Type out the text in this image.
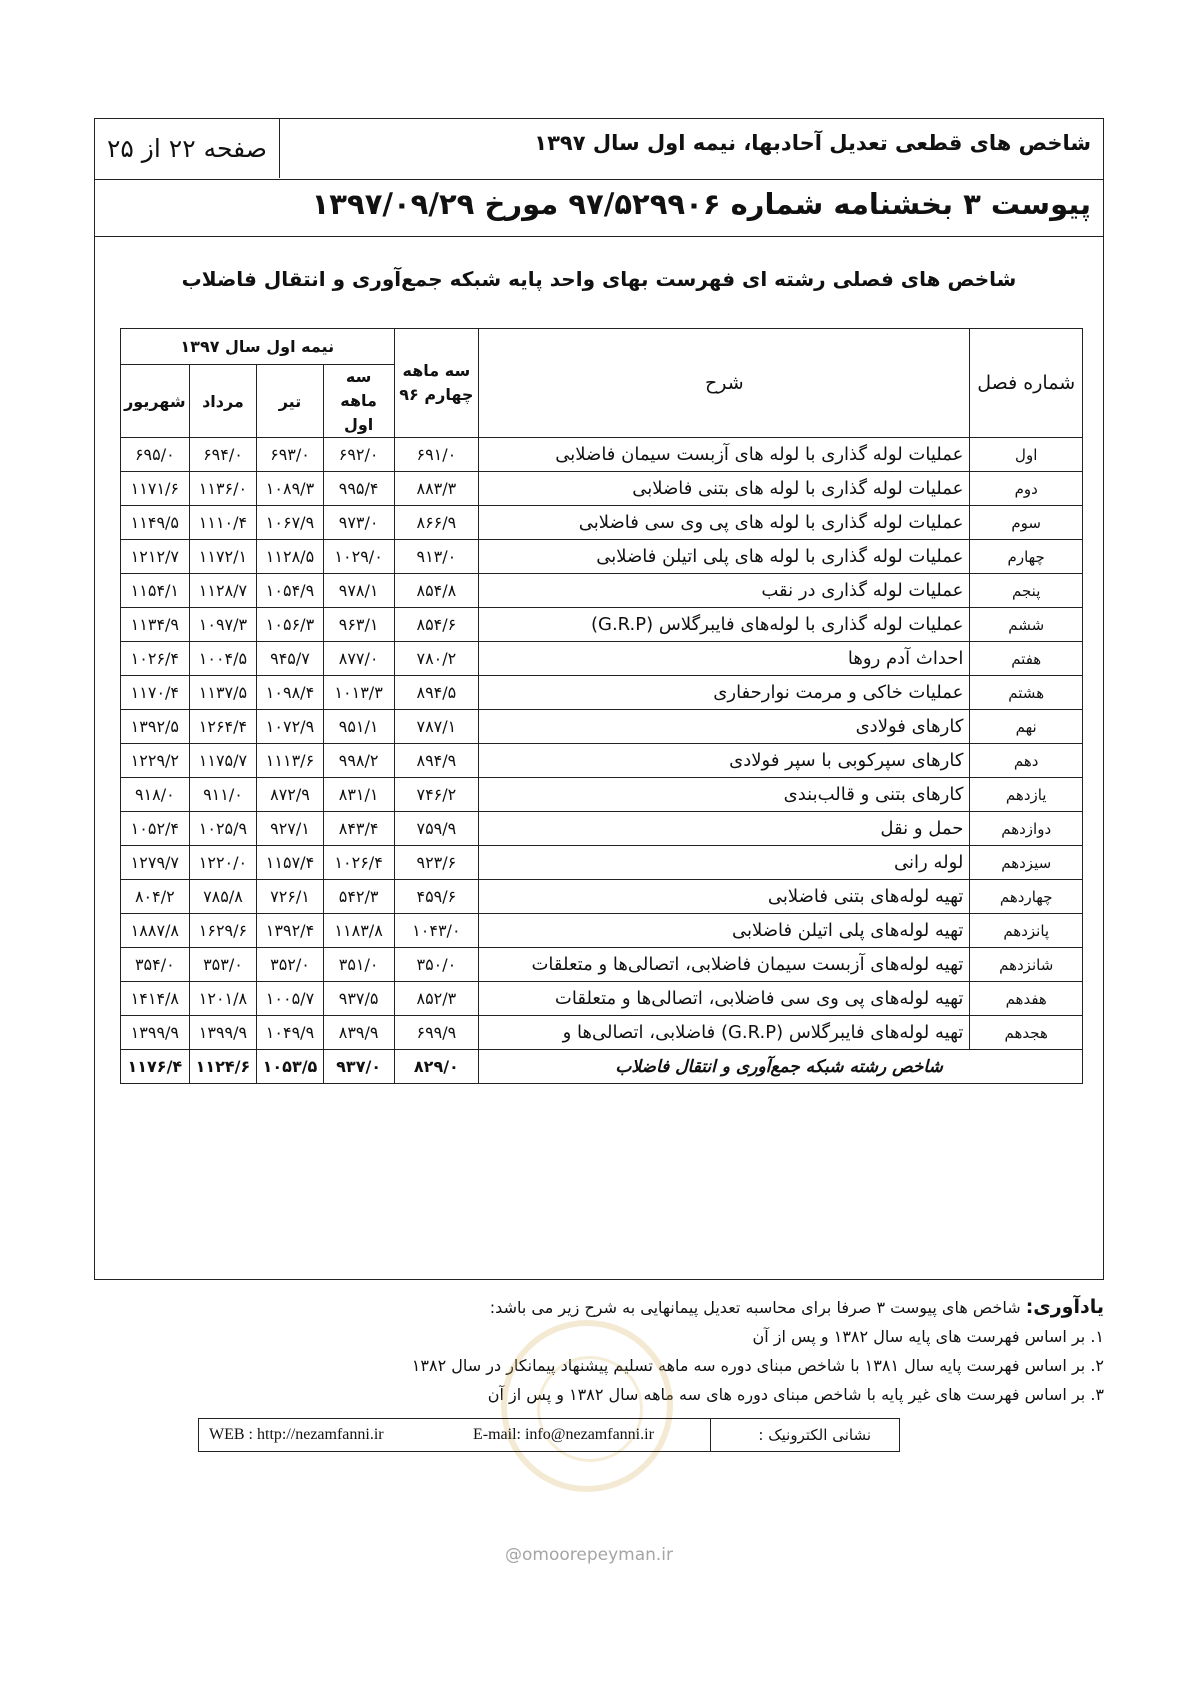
شاخص های قطعی تعدیل آحادبها، نیمه اول سال ۱۳۹۷
صفحه ۲۲ از ۲۵
پیوست ۳ بخشنامه شماره ۹۷/۵۲۹۹۰۶ مورخ ۱۳۹۷/۰۹/۲۹
شاخص های فصلی رشته ای فهرست بهای واحد پایه شبکه جمع‌آوری و انتقال فاضلاب
شماره فصل	شرح	سه ماهه چهارم ۹۶	نیمه اول سال ۱۳۹۷			
			سه ماهه اول	تیر	مرداد	شهریور
اول	عملیات لوله گذاری با لوله های آزبست سیمان فاضلابی	۶۹۱/۰	۶۹۲/۰	۶۹۳/۰	۶۹۴/۰	۶۹۵/۰
دوم	عملیات لوله گذاری با لوله های بتنی فاضلابی	۸۸۳/۳	۹۹۵/۴	۱۰۸۹/۳	۱۱۳۶/۰	۱۱۷۱/۶
سوم	عملیات لوله گذاری با لوله های پی وی سی فاضلابی	۸۶۶/۹	۹۷۳/۰	۱۰۶۷/۹	۱۱۱۰/۴	۱۱۴۹/۵
چهارم	عملیات لوله گذاری با لوله های پلی اتیلن فاضلابی	۹۱۳/۰	۱۰۲۹/۰	۱۱۲۸/۵	۱۱۷۲/۱	۱۲۱۲/۷
پنجم	عملیات لوله گذاری در نقب	۸۵۴/۸	۹۷۸/۱	۱۰۵۴/۹	۱۱۲۸/۷	۱۱۵۴/۱
ششم	عملیات لوله گذاری با لوله‌های فایبرگلاس (G.R.P)	۸۵۴/۶	۹۶۳/۱	۱۰۵۶/۳	۱۰۹۷/۳	۱۱۳۴/۹
هفتم	احداث آدم روها	۷۸۰/۲	۸۷۷/۰	۹۴۵/۷	۱۰۰۴/۵	۱۰۲۶/۴
هشتم	عملیات خاکی و مرمت نوارحفاری	۸۹۴/۵	۱۰۱۳/۳	۱۰۹۸/۴	۱۱۳۷/۵	۱۱۷۰/۴
نهم	کارهای فولادی	۷۸۷/۱	۹۵۱/۱	۱۰۷۲/۹	۱۲۶۴/۴	۱۳۹۲/۵
دهم	کارهای سپرکوبی با سپر فولادی	۸۹۴/۹	۹۹۸/۲	۱۱۱۳/۶	۱۱۷۵/۷	۱۲۲۹/۲
یازدهم	کارهای بتنی و قالب‌بندی	۷۴۶/۲	۸۳۱/۱	۸۷۲/۹	۹۱۱/۰	۹۱۸/۰
دوازدهم	حمل و نقل	۷۵۹/۹	۸۴۳/۴	۹۲۷/۱	۱۰۲۵/۹	۱۰۵۲/۴
سیزدهم	لوله رانی	۹۲۳/۶	۱۰۲۶/۴	۱۱۵۷/۴	۱۲۲۰/۰	۱۲۷۹/۷
چهاردهم	تهیه لوله‌های بتنی فاضلابی	۴۵۹/۶	۵۴۲/۳	۷۲۶/۱	۷۸۵/۸	۸۰۴/۲
پانزدهم	تهیه لوله‌های پلی اتیلن فاضلابی	۱۰۴۳/۰	۱۱۸۳/۸	۱۳۹۲/۴	۱۶۲۹/۶	۱۸۸۷/۸
شانزدهم	تهیه لوله‌های آزبست سیمان فاضلابی، اتصالی‌ها و متعلقات	۳۵۰/۰	۳۵۱/۰	۳۵۲/۰	۳۵۳/۰	۳۵۴/۰
هفدهم	تهیه لوله‌های پی وی سی فاضلابی، اتصالی‌ها و متعلقات	۸۵۲/۳	۹۳۷/۵	۱۰۰۵/۷	۱۲۰۱/۸	۱۴۱۴/۸
هجدهم	تهیه لوله‌های فایبرگلاس (G.R.P) فاضلابی، اتصالی‌ها و	۶۹۹/۹	۸۳۹/۹	۱۰۴۹/۹	۱۳۹۹/۹	۱۳۹۹/۹
شاخص رشته شبکه جمع‌آوری و انتقال فاضلاب		۸۲۹/۰	۹۳۷/۰	۱۰۵۳/۵	۱۱۲۴/۶	۱۱۷۶/۴
یادآوری: شاخص های پیوست ۳ صرفا برای محاسبه تعدیل پیمانهایی به شرح زیر می باشد:
۱. بر اساس فهرست های پایه سال ۱۳۸۲ و پس از آن
۲. بر اساس فهرست پایه سال ۱۳۸۱ با شاخص مبنای دوره سه ماهه تسلیم پیشنهاد پیمانکار در سال ۱۳۸۲
۳. بر اساس فهرست های غیر پایه با شاخص مبنای دوره های سه ماهه سال ۱۳۸۲ و پس از آن
نشانی الکترونیک :
E-mail: info@nezamfanni.ir
WEB : http://nezamfanni.ir
@omoorepeyman.ir
